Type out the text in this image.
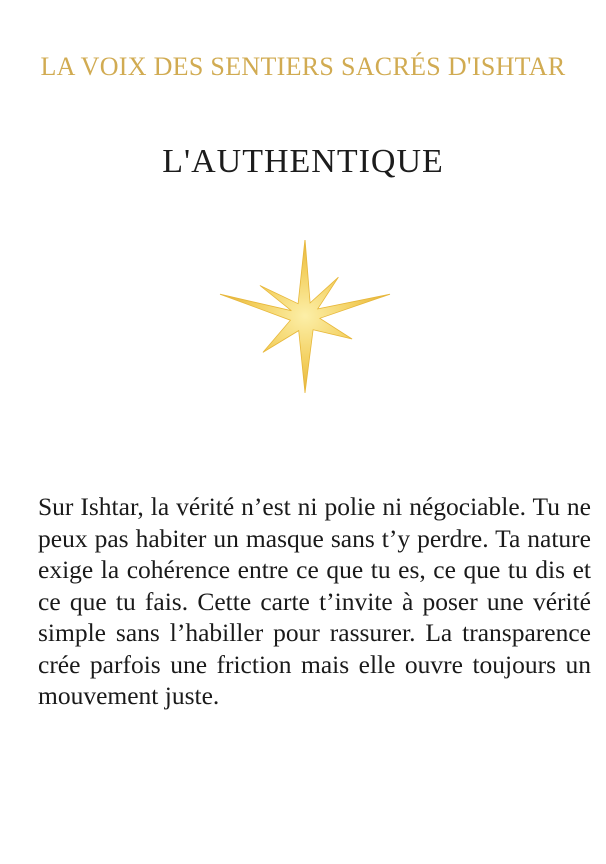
LA VOIX DES SENTIERS SACRÉS D'ISHTAR
L'AUTHENTIQUE
Sur Ishtar, la vérité n’est ni polie ni négociable. Tu ne peux pas habiter un masque sans t’y perdre. Ta nature exige la cohérence entre ce que tu es, ce que tu dis et ce que tu fais. Cette carte t’invite à poser une vérité simple sans l’habiller pour rassurer. La transparence crée parfois une friction mais elle ouvre toujours un mouvement juste.
